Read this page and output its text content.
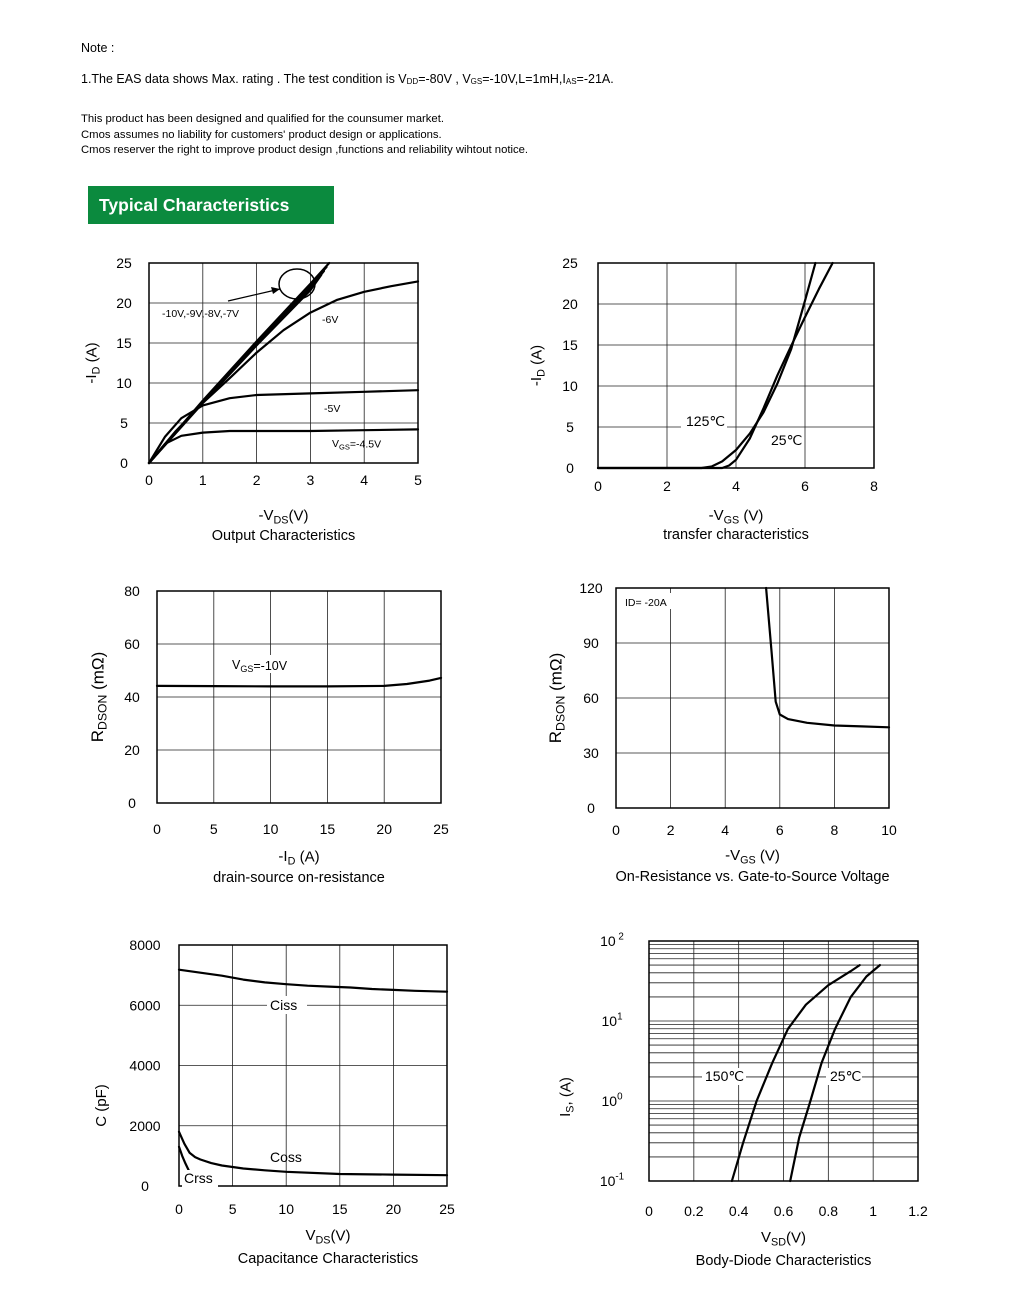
Note :
1.The EAS data shows Max. rating . The test condition is $V_{DD}=-80V$ , $V_{GS}=-10V,L=1mH,I_{AS}=-21A$.
This product has been designed and qualified for the counsumer market.
Cmos assumes no liability for customers' product design or applications.
Cmos reserver the right to improve product design ,functions and reliability wihtout notice.
Typical Characteristics
0	1	2	3	4	5
0
5
10
15
20
25
$-V_{DS}(V)$
$-I_D$ (A)
Output Characteristics
-10V,-9V,-8V,-7V	-6V
-5V
$V_{GS}=-4.5V$
0	2	4	6	8
0
5
10
15
20
25
$-V_{GS}$ (V)
$-I_D$ (A)
transfer characteristics
125℃
25℃
0	5	10	15	20	25
0
20
40
60
80
$-I_D$ (A)
$R_{DSON}$ (mΩ)
drain-source on-resistance
$V_{GS}=-10V$
0	2	4	6	8	10
0
30
60
90
120
$-V_{GS}$ (V)
$R_{DSON}$ (mΩ)
On-Resistance vs. Gate-to-Source Voltage
ID= -20A
0	5	10	15	20	25
0
2000
4000
6000
8000
$V_{DS}(V)$
C (pF)
Capacitance Characteristics
Ciss
Coss
Crss
0 0.2 0.4 0.6 0.8 1 1.2
$10^{-1}$
$10^0$
$10^1$
10 $^2$
$V_{SD}(V)$
$I_S$, (A)
Body-Diode Characteristics
150℃	25℃
